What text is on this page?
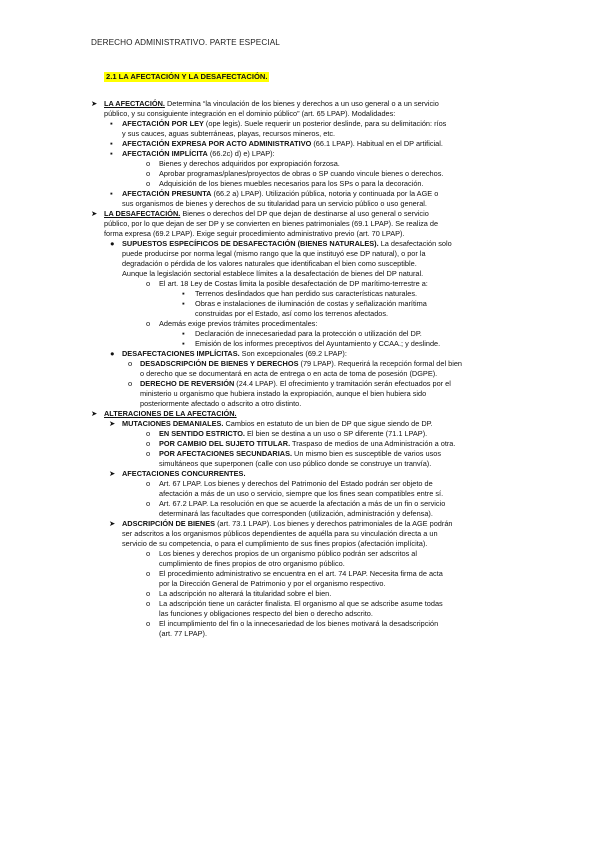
DERECHO ADMINISTRATIVO. PARTE ESPECIAL
2.1 LA AFECTACIÓN Y LA DESAFECTACIÓN.
➤ LA AFECTACIÓN. Determina “la vinculación de los bienes y derechos a un uso general o a un servicio
público, y su consiguiente integración en el dominio público” (art. 65 LPAP). Modalidades:
▪ AFECTACIÓN POR LEY (ope legis). Suele requerir un posterior deslinde, para su delimitación: ríos
y sus cauces, aguas subterráneas, playas, recursos mineros, etc.
▪ AFECTACIÓN EXPRESA POR ACTO ADMINISTRATIVO (66.1 LPAP). Habitual en el DP artificial.
▪ AFECTACIÓN IMPLÍCITA (66.2c) d) e) LPAP):
o Bienes y derechos adquiridos por expropiación forzosa.
o Aprobar programas/planes/proyectos de obras o SP cuando vincule bienes o derechos.
o Adquisición de los bienes muebles necesarios para los SPs o para la decoración.
▪ AFECTACIÓN PRESUNTA (66.2 a) LPAP). Utilización pública, notoria y continuada por la AGE o
sus organismos de bienes y derechos de su titularidad para un servicio público o uso general.
➤ LA DESAFECTACIÓN. Bienes o derechos del DP que dejan de destinarse al uso general o servicio
público, por lo que dejan de ser DP y se convierten en bienes patrimoniales (69.1 LPAP). Se realiza de
forma expresa (69.2 LPAP). Exige seguir procedimiento administrativo previo (art. 70 LPAP).
● SUPUESTOS ESPECÍFICOS DE DESAFECTACIÓN (BIENES NATURALES). La desafectación solo
puede producirse por norma legal (mismo rango que la que instituyó ese DP natural), o por la
degradación o pérdida de los valores naturales que identificaban el bien como susceptible.
Aunque la legislación sectorial establece límites a la desafectación de bienes del DP natural.
o El art. 18 Ley de Costas limita la posible desafectación de DP marítimo-terrestre a:
▪ Terrenos deslindados que han perdido sus características naturales.
▪ Obras e instalaciones de iluminación de costas y señalización marítima
construidas por el Estado, así como los terrenos afectados.
o Además exige previos trámites procedimentales:
▪ Declaración de innecesariedad para la protección o utilización del DP.
▪ Emisión de los informes preceptivos del Ayuntamiento y CCAA.; y deslinde.
● DESAFECTACIONES IMPLÍCITAS. Son excepcionales (69.2 LPAP):
o DESADSCRIPCIÓN DE BIENES Y DERECHOS (79 LPAP). Requerirá la recepción formal del bien
o derecho que se documentará en acta de entrega o en acta de toma de posesión (DGPE).
o DERECHO DE REVERSIÓN (24.4 LPAP). El ofrecimiento y tramitación serán efectuados por el
ministerio u organismo que hubiera instado la expropiación, aunque el bien hubiera sido
posteriormente afectado o adscrito a otro distinto.
➤ ALTERACIONES DE LA AFECTACIÓN.
➤ MUTACIONES DEMANIALES. Cambios en estatuto de un bien de DP que sigue siendo de DP.
o EN SENTIDO ESTRICTO. El bien se destina a un uso o SP diferente (71.1 LPAP).
o POR CAMBIO DEL SUJETO TITULAR. Traspaso de medios de una Administración a otra.
o POR AFECTACIONES SECUNDARIAS. Un mismo bien es susceptible de varios usos
simultáneos que superponen (calle con uso público donde se construye un tranvía).
➤ AFECTACIONES CONCURRENTES.
o Art. 67 LPAP. Los bienes y derechos del Patrimonio del Estado podrán ser objeto de
afectación a más de un uso o servicio, siempre que los fines sean compatibles entre sí.
o Art. 67.2 LPAP. La resolución en que se acuerde la afectación a más de un fin o servicio
determinará las facultades que corresponden (utilización, administración y defensa).
➤ ADSCRIPCIÓN DE BIENES (art. 73.1 LPAP). Los bienes y derechos patrimoniales de la AGE podrán
ser adscritos a los organismos públicos dependientes de aquélla para su vinculación directa a un
servicio de su competencia, o para el cumplimiento de sus fines propios (afectación implícita).
o Los bienes y derechos propios de un organismo público podrán ser adscritos al
cumplimiento de fines propios de otro organismo público.
o El procedimiento administrativo se encuentra en el art. 74 LPAP. Necesita firma de acta
por la Dirección General de Patrimonio y por el organismo respectivo.
o La adscripción no alterará la titularidad sobre el bien.
o La adscripción tiene un carácter finalista. El organismo al que se adscribe asume todas
las funciones y obligaciones respecto del bien o derecho adscrito.
o El incumplimiento del fin o la innecesariedad de los bienes motivará la desadscripción
(art. 77 LPAP).
